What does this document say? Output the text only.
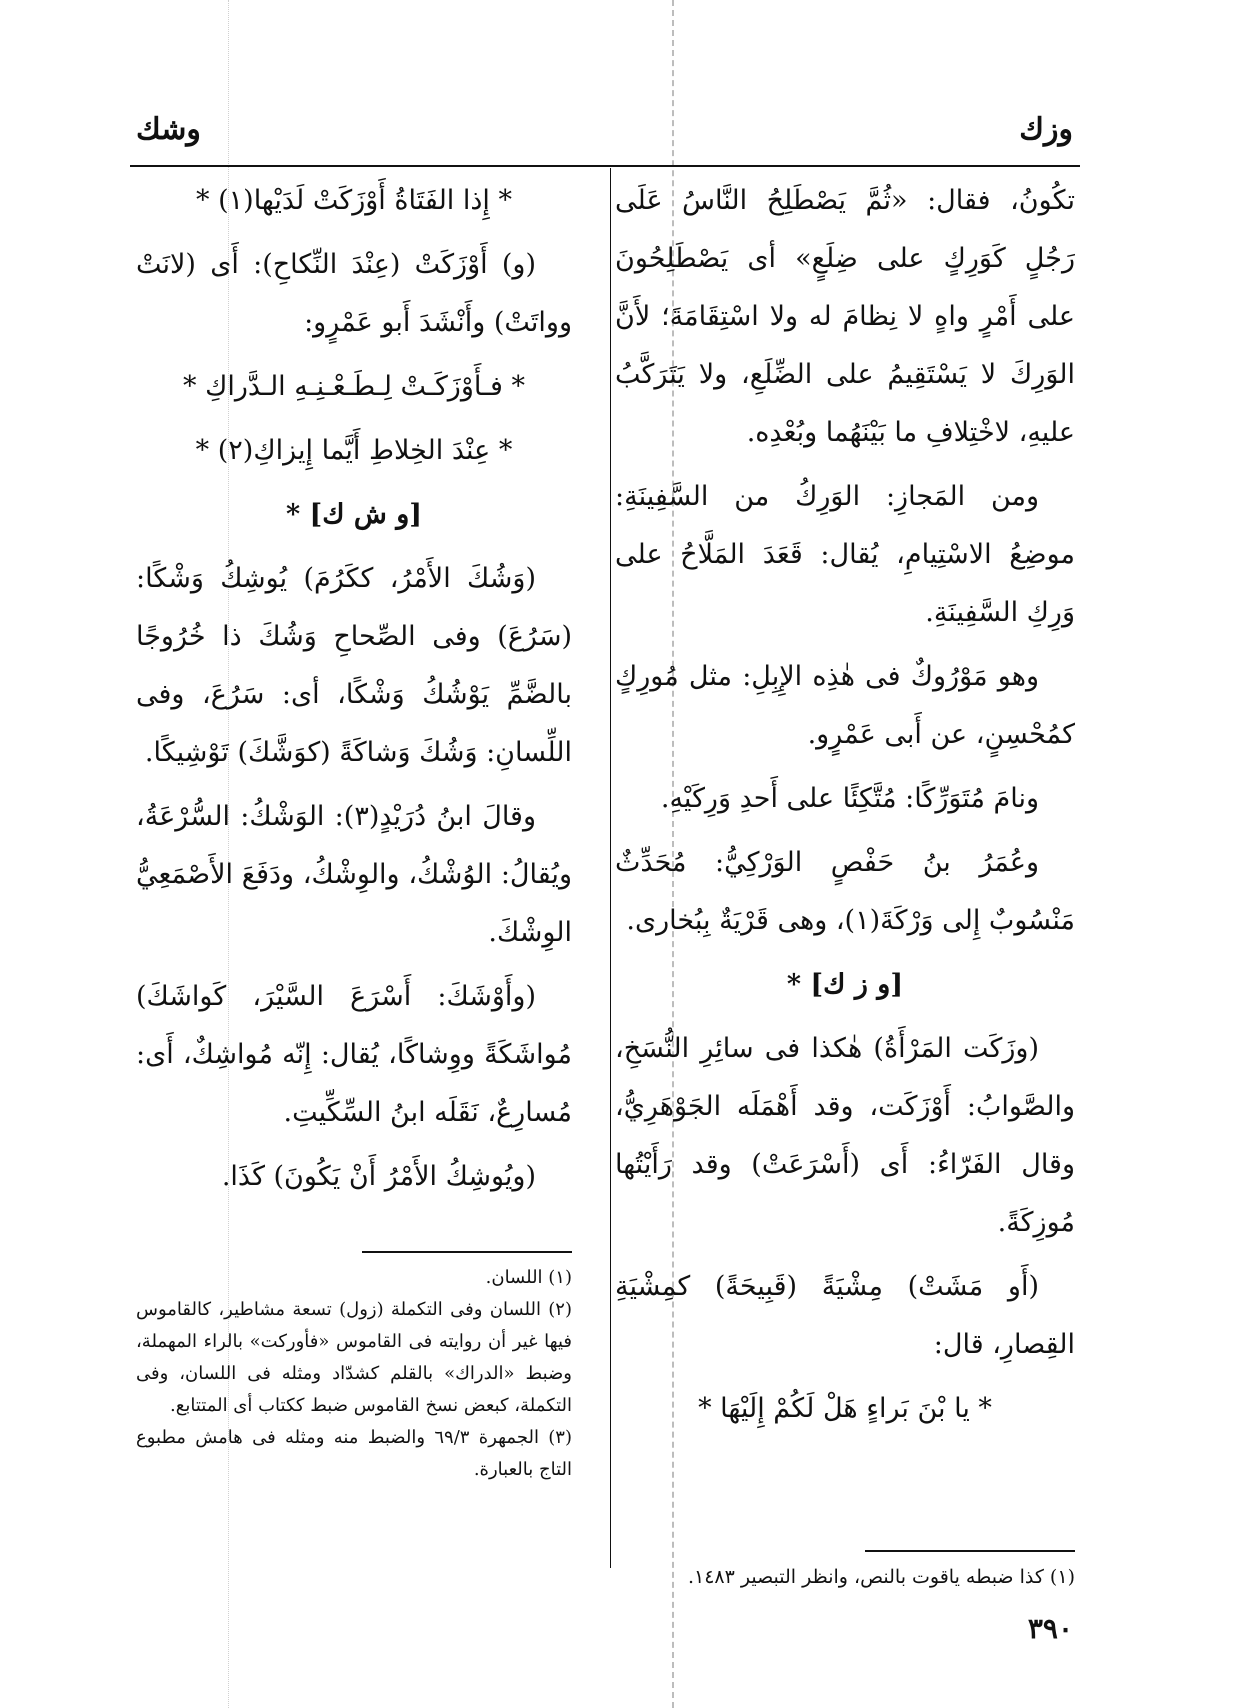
وزك
وشك

تكُونُ، فقال: «ثُمَّ يَصْطَلِحُ النَّاسُ عَلَى رَجُلٍ كَوَرِكٍ على ضِلَعٍ» أى يَصْطَلِحُونَ على أَمْرٍ واهٍ لا نِظامَ له ولا اسْتِقَامَةَ؛ لأَنَّ الوَرِكَ لا يَسْتَقِيمُ على الضِّلَعِ، ولا يَتَرَكَّبُ عليهِ، لاخْتِلافِ ما بَيْنَهُما وبُعْدِه.

ومن المَجازِ: الوَرِكُ من السَّفِينَةِ: موضِعُ الاسْتِيامِ، يُقال: قَعَدَ المَلَّاحُ على وَرِكِ السَّفِينَةِ.

وهو مَوْرُوكٌ فى هٰذِه الإِبِلِ: مثل مُورِكٍ كمُحْسِنٍ، عن أَبى عَمْرٍو.

ونامَ مُتَوَرِّكًا: مُتَّكِئًا على أَحدِ وَرِكَيْهِ.

وعُمَرُ بنُ حَفْصٍ الوَرْكِيُّ: مُحَدِّثٌ مَنْسُوبٌ إِلى وَرْكَةَ(١)، وهى قَرْيَةٌ بِبُخارى.

[و ز ك] *

(وزَكَت المَرْأَةُ) هٰكذا فى سائِرِ النُّسَخِ، والصَّوابُ: أَوْزَكَت، وقد أَهْمَلَه الجَوْهَرِيُّ، وقال الفَرّاءُ: أَى (أَسْرَعَتْ) وقد رَأَيْتُها مُوزِكَةً.

(أَو مَشَتْ) مِشْيَةً (قَبِيحَةً) كمِشْيَةِ القِصارِ، قال:

* يا بْنَ بَراءٍ هَلْ لَكُمْ إِلَيْهَا *

* إِذا الفَتَاةُ أَوْزَكَتْ لَدَيْها(١) *

(و) أَوْزَكَتْ (عِنْدَ النِّكاحِ): أَى (لانَتْ وواتَتْ) وأَنْشَدَ أَبو عَمْرٍو:

* فـأَوْزَكَـتْ لِـطَـعْـنِـهِ الـدَّراكِ *

* عِنْدَ الخِلاطِ أَيَّما إِيزاكِ(٢) *

[و ش ك] *

(وَشُكَ الأَمْرُ، ككَرُمَ) يُوشِكُ وَشْكًا: (سَرُعَ) وفى الصِّحاحِ وَشُكَ ذا خُرُوجًا بالضَّمِّ يَوْشُكُ وَشْكًا، أى: سَرُعَ، وفى اللِّسانِ: وَشُكَ وَشاكَةً (كوَشَّكَ) تَوْشِيكًا.

وقالَ ابنُ دُرَيْدٍ(٣): الوَشْكُ: السُّرْعَةُ، ويُقالُ: الوُشْكُ، والوِشْكُ، ودَفَعَ الأَصْمَعِيُّ الوِشْكَ.

(وأَوْشَكَ: أَسْرَعَ السَّيْرَ، كَواشَكَ) مُواشَكَةً ووِشاكًا، يُقال: إِنّه مُواشِكٌ، أَى: مُسارِعٌ، نَقَلَه ابنُ السِّكِّيتِ.

(ويُوشِكُ الأَمْرُ أَنْ يَكُونَ) كَذَا.

(١) اللسان.

(٢) اللسان وفى التكملة (زول) تسعة مشاطير، كالقاموس فيها غير أن روايته فى القاموس «فأورکت» بالراء المهملة، وضبط «الدراك» بالقلم كشدّاد ومثله فى اللسان، وفى التكملة، كبعض نسخ القاموس ضبط ككتاب أى المتتابع.

(٣) الجمهرة ٦٩/٣ والضبط منه ومثله فى هامش مطبوع التاج بالعبارة.

(١) كذا ضبطه ياقوت بالنص، وانظر التبصير ١٤٨٣.

٣٩٠
